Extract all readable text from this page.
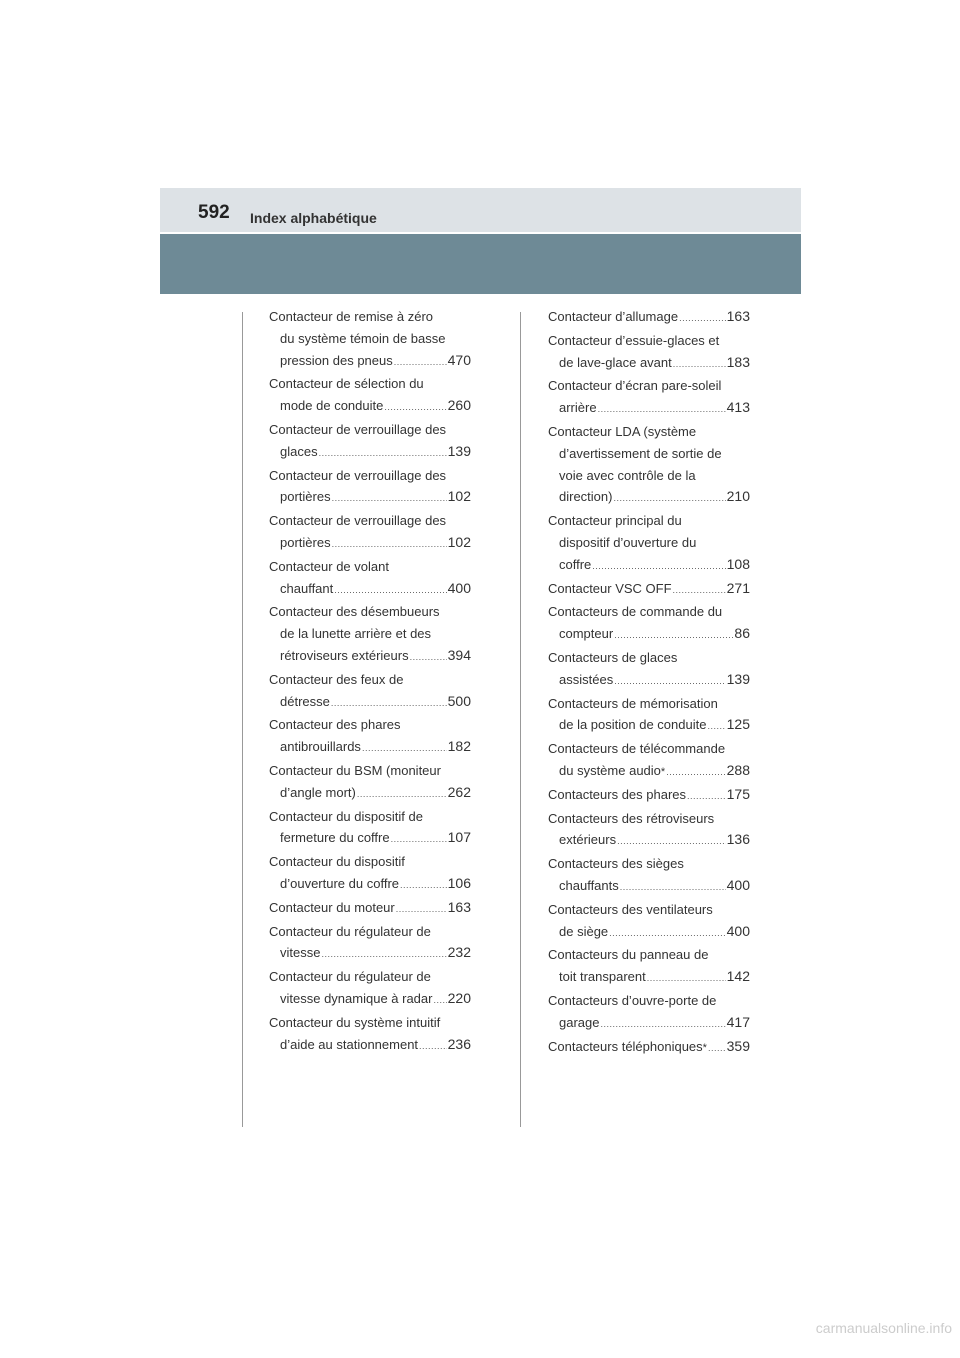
592 Index alphabétique
Contacteur de remise à zéro
du système témoin de basse
pression des pneus .....	470
Contacteur de sélection du
mode de conduite .....	260
Contacteur de verrouillage des
glaces .....	139
Contacteur de verrouillage des
portières .....	102
Contacteur de verrouillage des
portières .....	102
Contacteur de volant
chauffant .....	400
Contacteur des désembueurs
de la lunette arrière et des
rétroviseurs extérieurs .....	394
Contacteur des feux de
détresse .....	500
Contacteur des phares
antibrouillards .....	182
Contacteur du BSM (moniteur
d’angle mort) .....	262
Contacteur du dispositif de
fermeture du coffre .....	107
Contacteur du dispositif
d’ouverture du coffre .....	106
Contacteur du moteur .....	163
Contacteur du régulateur de
vitesse .....	232
Contacteur du régulateur de
vitesse dynamique à radar ..... 220
Contacteur du système intuitif
d’aide au stationnement ..... 236
Contacteur d’allumage .....	163
Contacteur d’essuie-glaces et
de lave-glace avant .....	183
Contacteur d’écran pare-soleil
arrière .....	413
Contacteur LDA (système
d’avertissement de sortie de
voie avec contrôle de la
direction) .....	210
Contacteur principal du
dispositif d’ouverture du
coffre .....	108
Contacteur VSC OFF .....	271
Contacteurs de commande du
compteur .....	86
Contacteurs de glaces
assistées .....	139
Contacteurs de mémorisation
de la position de conduite ..... 125
Contacteurs de télécommande
du système audio * .....	288
Contacteurs des phares .....	175
Contacteurs des rétroviseurs
extérieurs .....	136
Contacteurs des sièges
chauffants .....	400
Contacteurs des ventilateurs
de siège .....	400
Contacteurs du panneau de
toit transparent .....	142
Contacteurs d’ouvre-porte de
garage .....	417
Contacteurs téléphoniques * ..... 359
carmanualsonline.info
